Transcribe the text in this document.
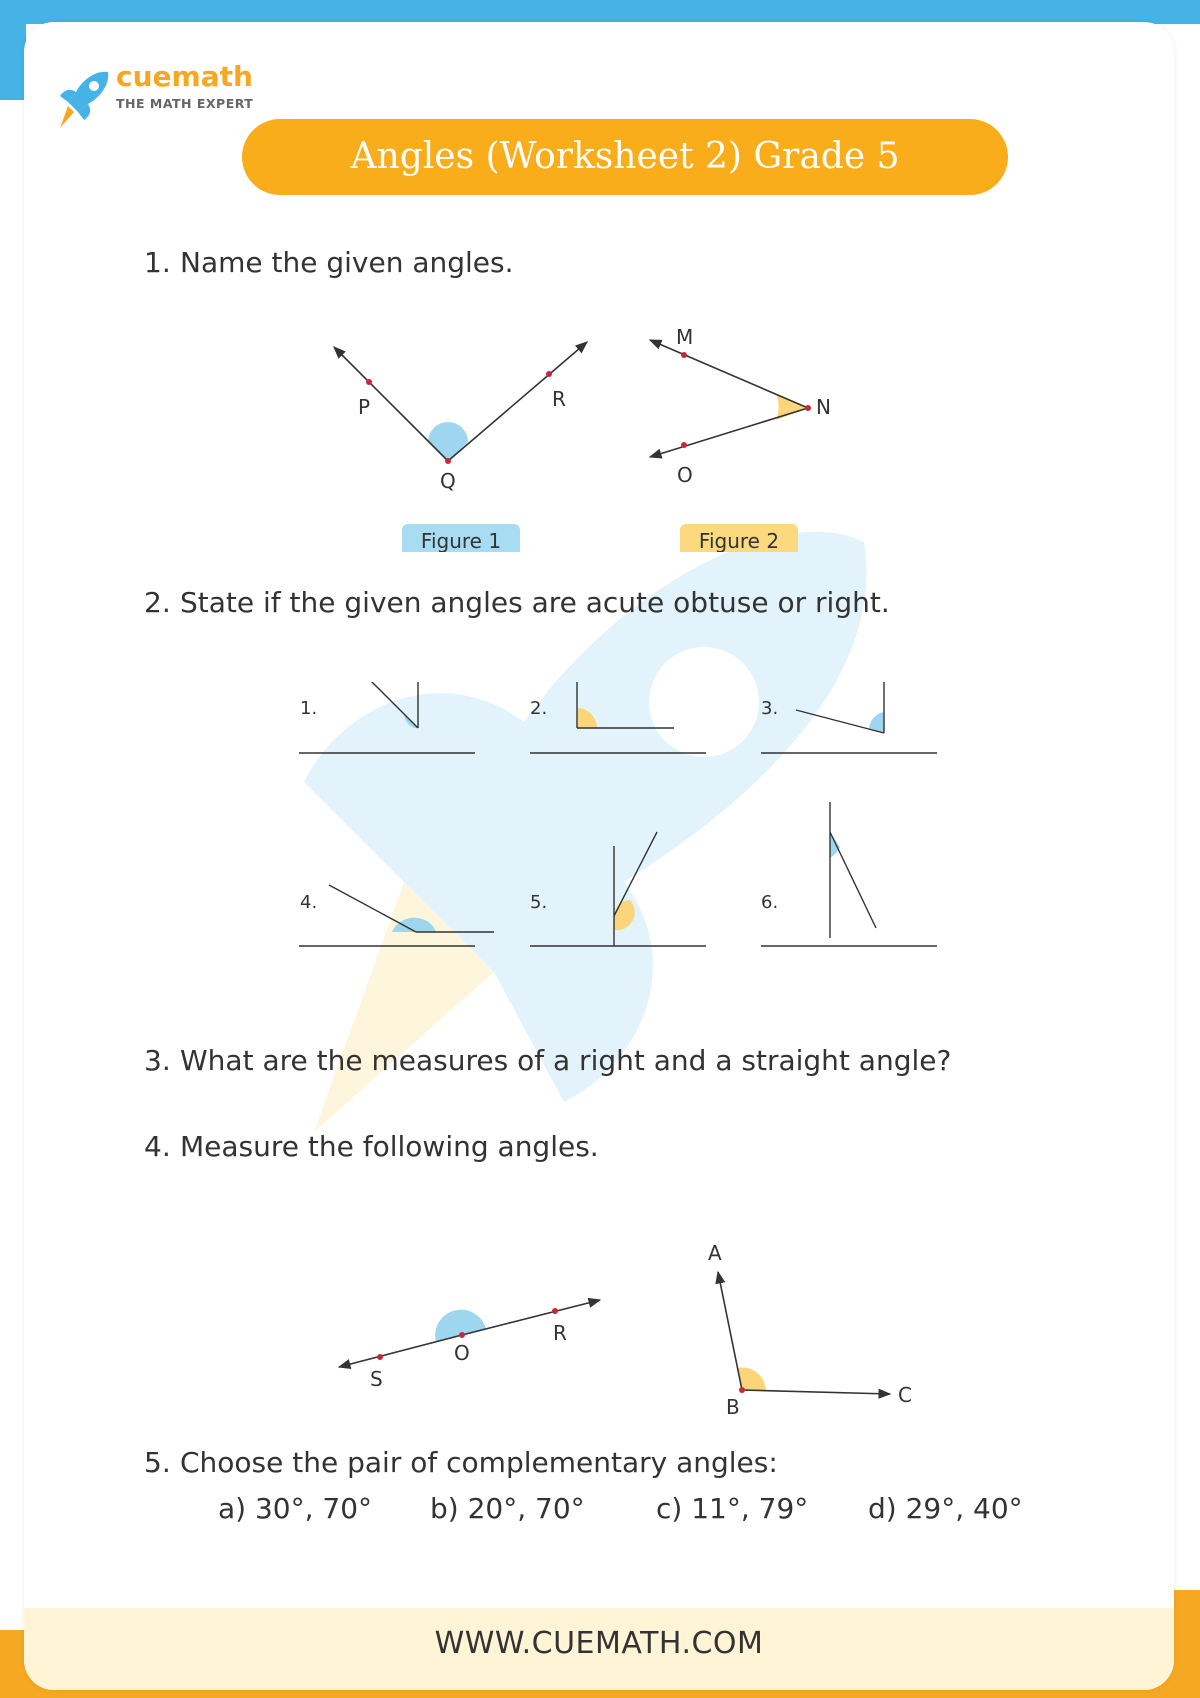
cuemath
THE MATH EXPERT
Angles (Worksheet 2) Grade 5
1. Name the given angles.
P
Q
R
Figure 1
M
N
O
Figure 2
2. State if the given angles are acute obtuse or right.
1.	2.	3.
4.	5.	6.
3. What are the measures of a right and a straight angle?
4. Measure the following angles.
S
O
R
A
B	C
5. Choose the pair of complementary angles:
a) 30°, 70° b) 20°, 70°	c) 11°, 79° d) 29°, 40°
WWW.CUEMATH.COM
